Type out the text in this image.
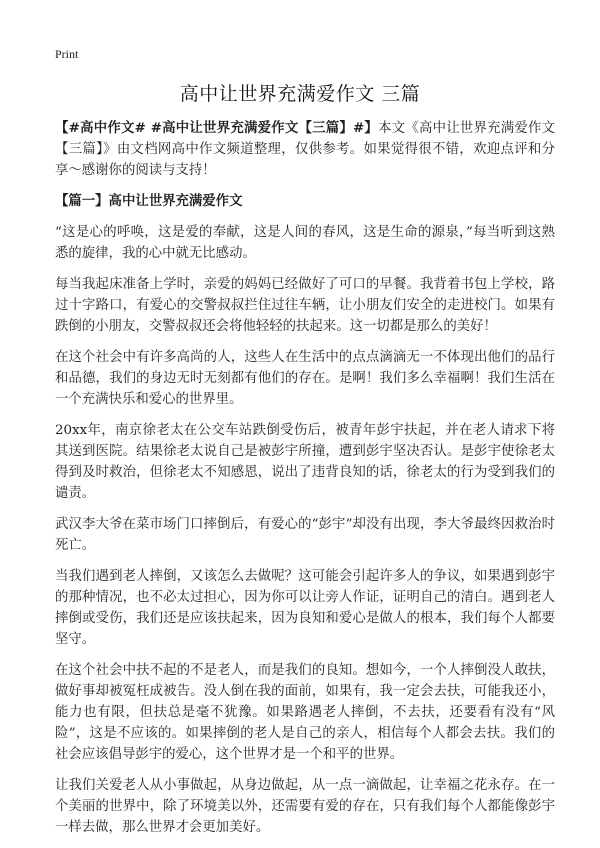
Print
高中让世界充满爱作文 三篇

【#高中作文# #高中让世界充满爱作文【三篇】#】本文《高中让世界充满爱作文【三篇】》由文档网高中作文频道整理，仅供参考。如果觉得很不错，欢迎点评和分享～感谢你的阅读与支持！

【篇一】高中让世界充满爱作文

“这是心的呼唤，这是爱的奉献，这是人间的春风，这是生命的源泉，”每当听到这熟悉的旋律，我的心中就无比感动。

每当我起床准备上学时，亲爱的妈妈已经做好了可口的早餐。我背着书包上学校，路过十字路口，有爱心的交警叔叔拦住过往车辆，让小朋友们安全的走进校门。如果有跌倒的小朋友，交警叔叔还会将他轻轻的扶起来。这一切都是那么的美好！

在这个社会中有许多高尚的人，这些人在生活中的点点滴滴无一不体现出他们的品行和品德，我们的身边无时无刻都有他们的存在。是啊！我们多么幸福啊！我们生活在一个充满快乐和爱心的世界里。

20xx年，南京徐老太在公交车站跌倒受伤后，被青年彭宇扶起，并在老人请求下将其送到医院。结果徐老太说自己是被彭宇所撞，遭到彭宇坚决否认。是彭宇使徐老太得到及时救治，但徐老太不知感恩，说出了违背良知的话，徐老太的行为受到我们的谴责。

武汉李大爷在菜市场门口摔倒后，有爱心的“彭宇”却没有出现，李大爷最终因救治时死亡。

当我们遇到老人摔倒，又该怎么去做呢？这可能会引起许多人的争议，如果遇到彭宇的那种情况，也不必太过担心，因为你可以让旁人作证，证明自己的清白。遇到老人摔倒或受伤，我们还是应该扶起来，因为良知和爱心是做人的根本，我们每个人都要坚守。

在这个社会中扶不起的不是老人，而是我们的良知。想如今，一个人摔倒没人敢扶，做好事却被冤枉成被告。没人倒在我的面前，如果有，我一定会去扶，可能我还小，能力也有限，但扶总是毫不犹豫。如果路遇老人摔倒，不去扶，还要看有没有“风险”，这是不应该的。如果摔倒的老人是自己的亲人，相信每个人都会去扶。我们的社会应该倡导彭宇的爱心，这个世界才是一个和平的世界。

让我们关爱老人从小事做起，从身边做起，从一点一滴做起，让幸福之花永存。在一个美丽的世界中，除了环境美以外，还需要有爱的存在，只有我们每个人都能像彭宇一样去做，那么世界才会更加美好。
